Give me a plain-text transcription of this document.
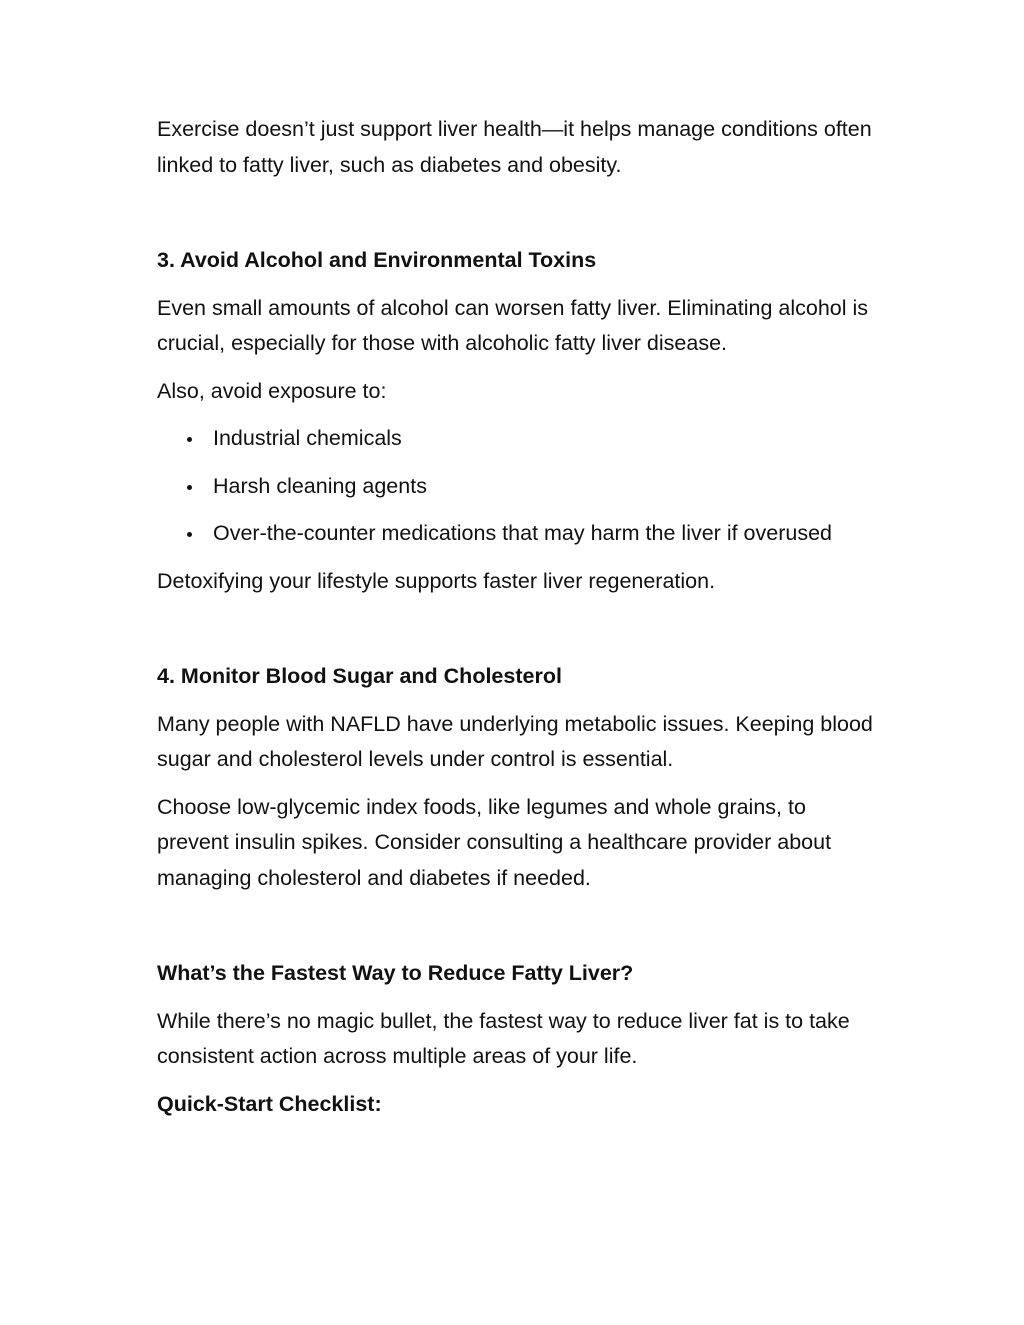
Exercise doesn’t just support liver health—it helps manage conditions often linked to fatty liver, such as diabetes and obesity.

3. Avoid Alcohol and Environmental Toxins

Even small amounts of alcohol can worsen fatty liver. Eliminating alcohol is crucial, especially for those with alcoholic fatty liver disease.

Also, avoid exposure to:

Industrial chemicals
Harsh cleaning agents
Over-the-counter medications that may harm the liver if overused

Detoxifying your lifestyle supports faster liver regeneration.

4. Monitor Blood Sugar and Cholesterol

Many people with NAFLD have underlying metabolic issues. Keeping blood sugar and cholesterol levels under control is essential.

Choose low-glycemic index foods, like legumes and whole grains, to prevent insulin spikes. Consider consulting a healthcare provider about managing cholesterol and diabetes if needed.

What’s the Fastest Way to Reduce Fatty Liver?

While there’s no magic bullet, the fastest way to reduce liver fat is to take consistent action across multiple areas of your life.

Quick-Start Checklist:
